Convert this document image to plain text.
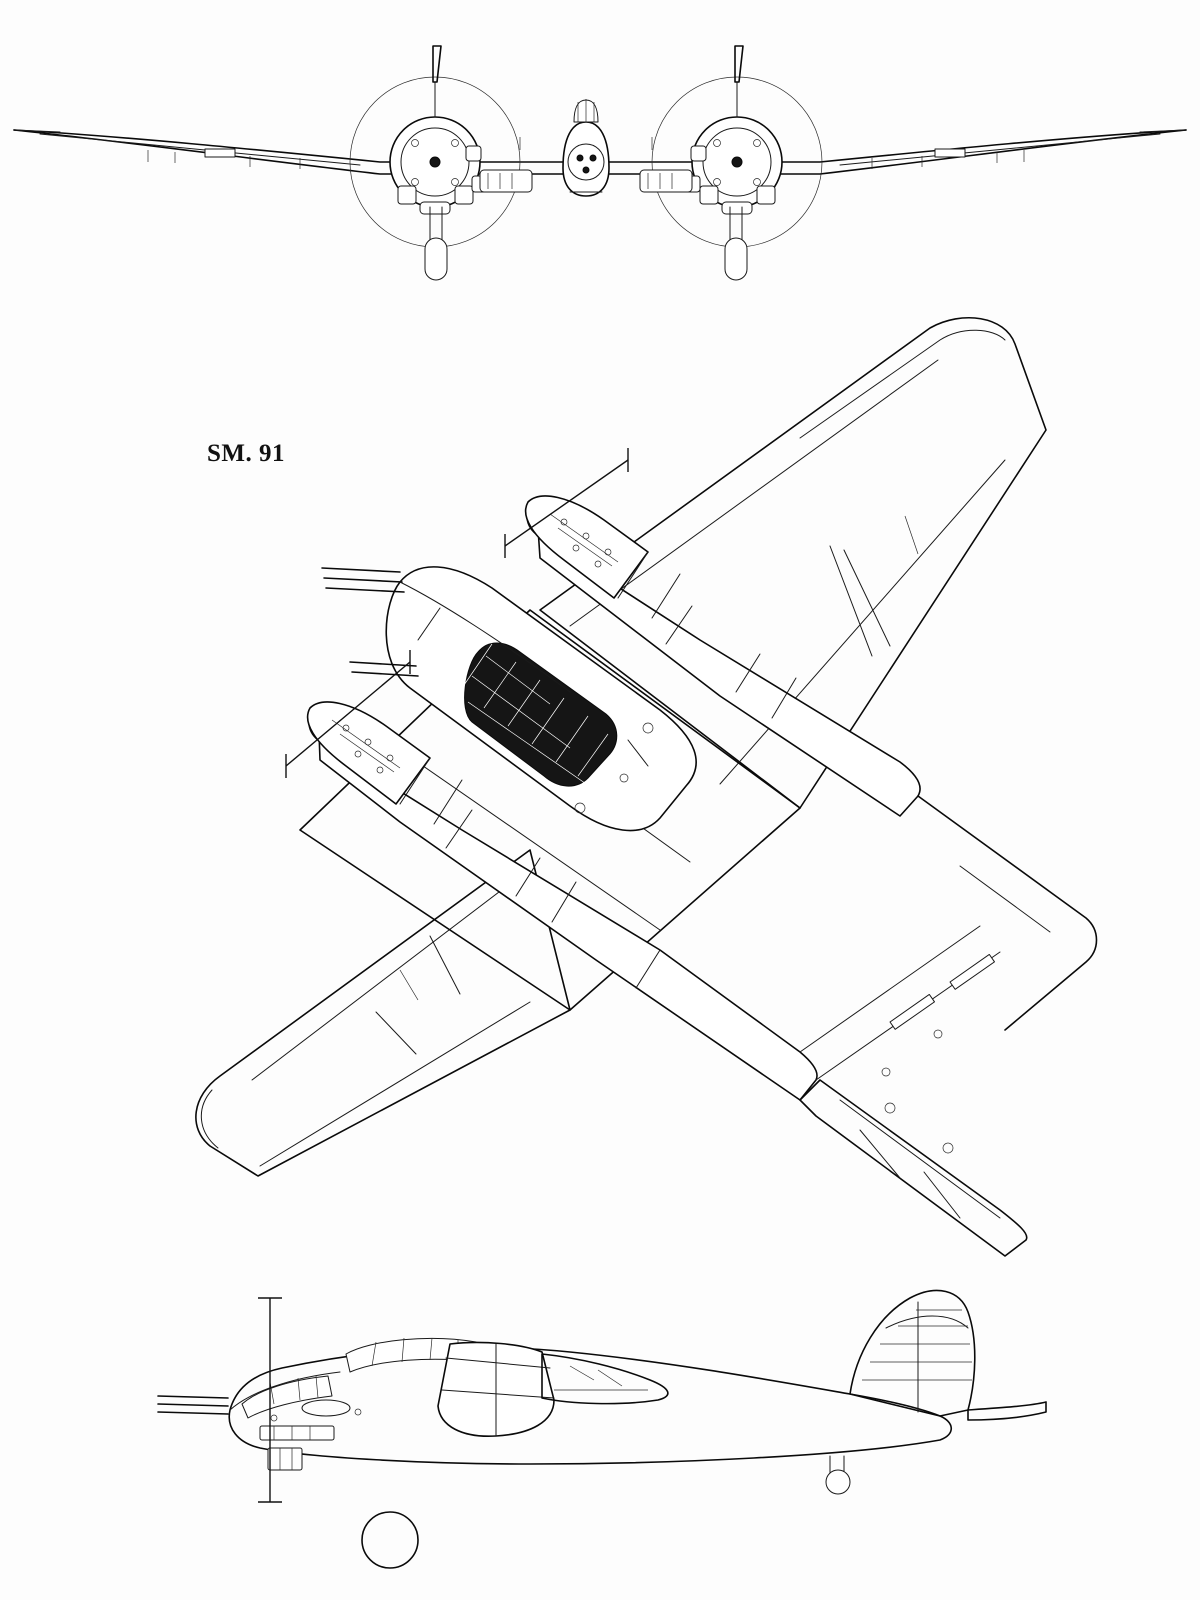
SM. 91
